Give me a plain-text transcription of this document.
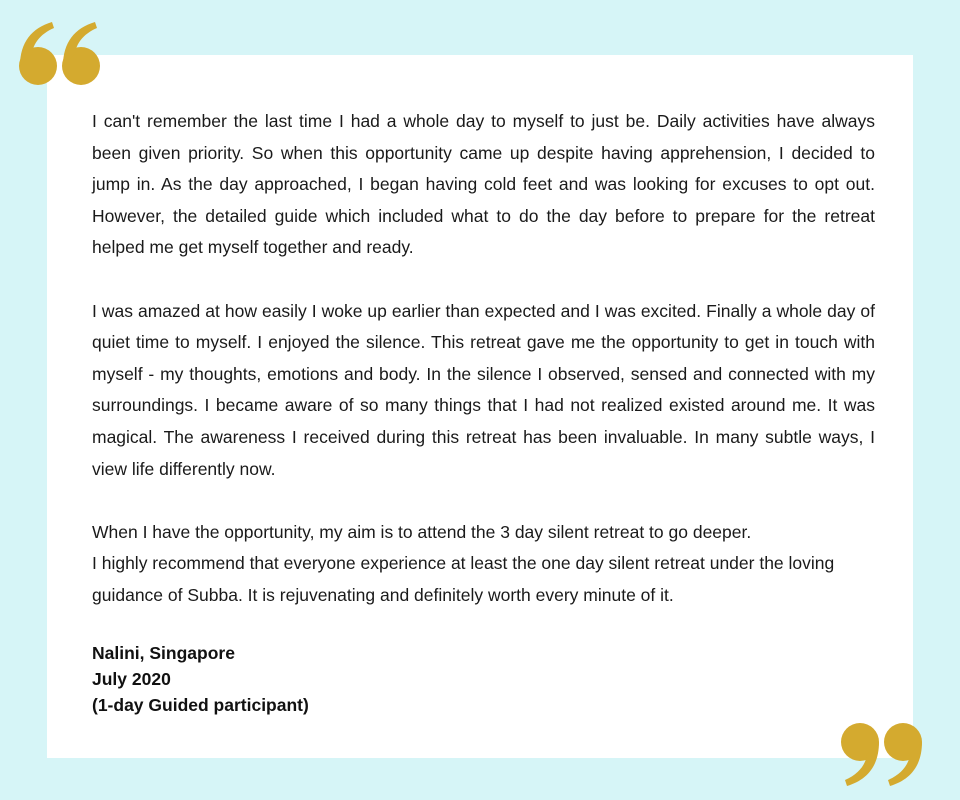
I can't remember the last time I had a whole day to myself to just be. Daily activities have always been given priority. So when this opportunity came up despite having apprehension, I decided to jump in. As the day approached, I began having cold feet and was looking for excuses to opt out. However, the detailed guide which included what to do the day before to prepare for the retreat helped me get myself together and ready.

I was amazed at how easily I woke up earlier than expected and I was excited. Finally a whole day of quiet time to myself. I enjoyed the silence. This retreat gave me the opportunity to get in touch with myself - my thoughts, emotions and body. In the silence I observed, sensed and connected with my surroundings. I became aware of so many things that I had not realized existed around me. It was magical. The awareness I received during this retreat has been invaluable. In many subtle ways, I view life differently now.

When I have the opportunity, my aim is to attend the 3 day silent retreat to go deeper.
I highly recommend that everyone experience at least the one day silent retreat under the loving guidance of Subba. It is rejuvenating and definitely worth every minute of it.

Nalini, Singapore
July 2020
(1-day Guided participant)
